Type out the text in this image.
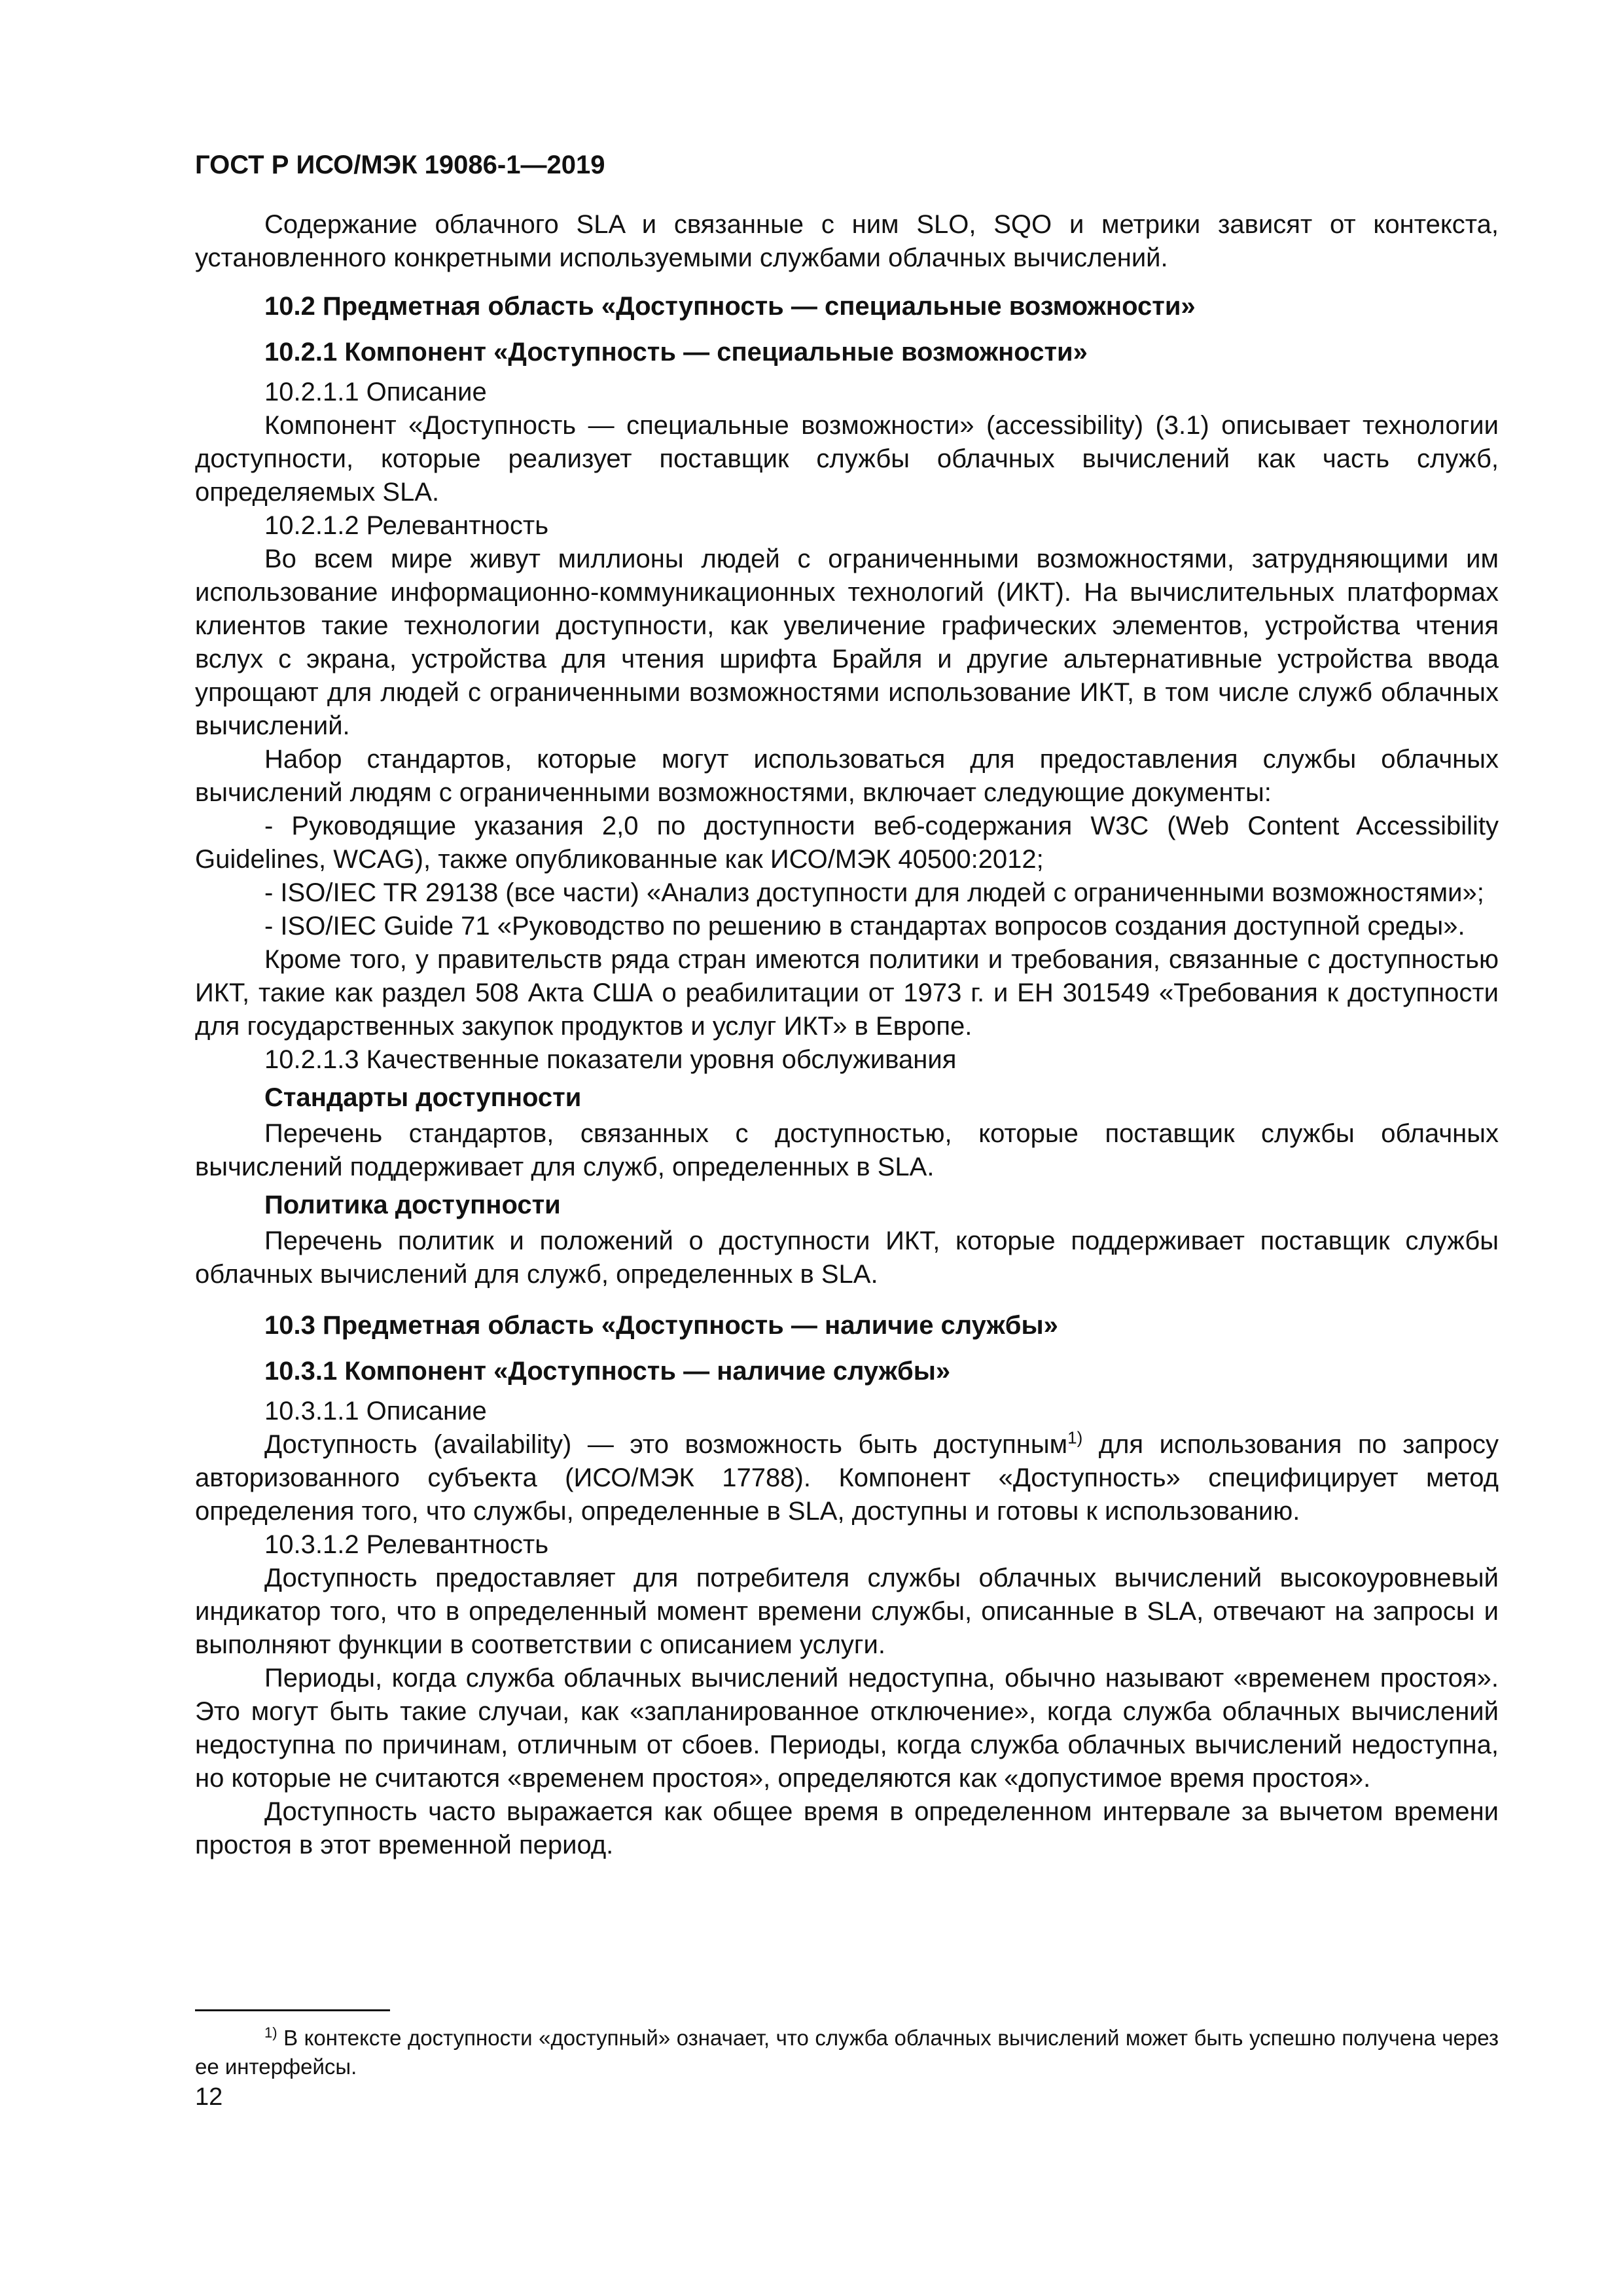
ГОСТ Р ИСО/МЭК 19086-1—2019

Содержание облачного SLA и связанные с ним SLO, SQO и метрики зависят от контекста, установленного конкретными используемыми службами облачных вычислений.

10.2 Предметная область «Доступность — специальные возможности»
10.2.1 Компонент «Доступность — специальные возможности»

10.2.1.1 Описание

Компонент «Доступность — специальные возможности» (accessibility) (3.1) описывает технологии доступности, которые реализует поставщик службы облачных вычислений как часть служб, определяемых SLA.

10.2.1.2 Релевантность

Во всем мире живут миллионы людей с ограниченными возможностями, затрудняющими им использование информационно-коммуникационных технологий (ИКТ). На вычислительных платформах клиентов такие технологии доступности, как увеличение графических элементов, устройства чтения вслух с экрана, устройства для чтения шрифта Брайля и другие альтернативные устройства ввода упрощают для людей с ограниченными возможностями использование ИКТ, в том числе служб облачных вычислений.

Набор стандартов, которые могут использоваться для предоставления службы облачных вычислений людям с ограниченными возможностями, включает следующие документы:

- Руководящие указания 2,0 по доступности веб-содержания W3C (Web Content Accessibility Guidelines, WCAG), также опубликованные как ИСО/МЭК 40500:2012;

- ISO/IEC TR 29138 (все части) «Анализ доступности для людей с ограниченными возможностями»;

- ISO/IEC Guide 71 «Руководство по решению в стандартах вопросов создания доступной среды».

Кроме того, у правительств ряда стран имеются политики и требования, связанные с доступностью ИКТ, такие как раздел 508 Акта США о реабилитации от 1973 г. и ЕН 301549 «Требования к доступности для государственных закупок продуктов и услуг ИКТ» в Европе.

10.2.1.3 Качественные показатели уровня обслуживания

Стандарты доступности

Перечень стандартов, связанных с доступностью, которые поставщик службы облачных вычислений поддерживает для служб, определенных в SLA.

Политика доступности

Перечень политик и положений о доступности ИКТ, которые поддерживает поставщик службы облачных вычислений для служб, определенных в SLA.

10.3 Предметная область «Доступность — наличие службы»
10.3.1 Компонент «Доступность — наличие службы»

10.3.1.1 Описание

Доступность (availability) — это возможность быть доступным$^{1)}$ для использования по запросу авторизованного субъекта (ИСО/МЭК 17788). Компонент «Доступность» специфицирует метод определения того, что службы, определенные в SLA, доступны и готовы к использованию.

10.3.1.2 Релевантность

Доступность предоставляет для потребителя службы облачных вычислений высокоуровневый индикатор того, что в определенный момент времени службы, описанные в SLA, отвечают на запросы и выполняют функции в соответствии с описанием услуги.

Периоды, когда служба облачных вычислений недоступна, обычно называют «временем простоя». Это могут быть такие случаи, как «запланированное отключение», когда служба облачных вычислений недоступна по причинам, отличным от сбоев. Периоды, когда служба облачных вычислений недоступна, но которые не считаются «временем простоя», определяются как «допустимое время простоя».

Доступность часто выражается как общее время в определенном интервале за вычетом времени простоя в этот временной период.

$^{1)}$ В контексте доступности «доступный» означает, что служба облачных вычислений может быть успешно получена через ее интерфейсы.
12
